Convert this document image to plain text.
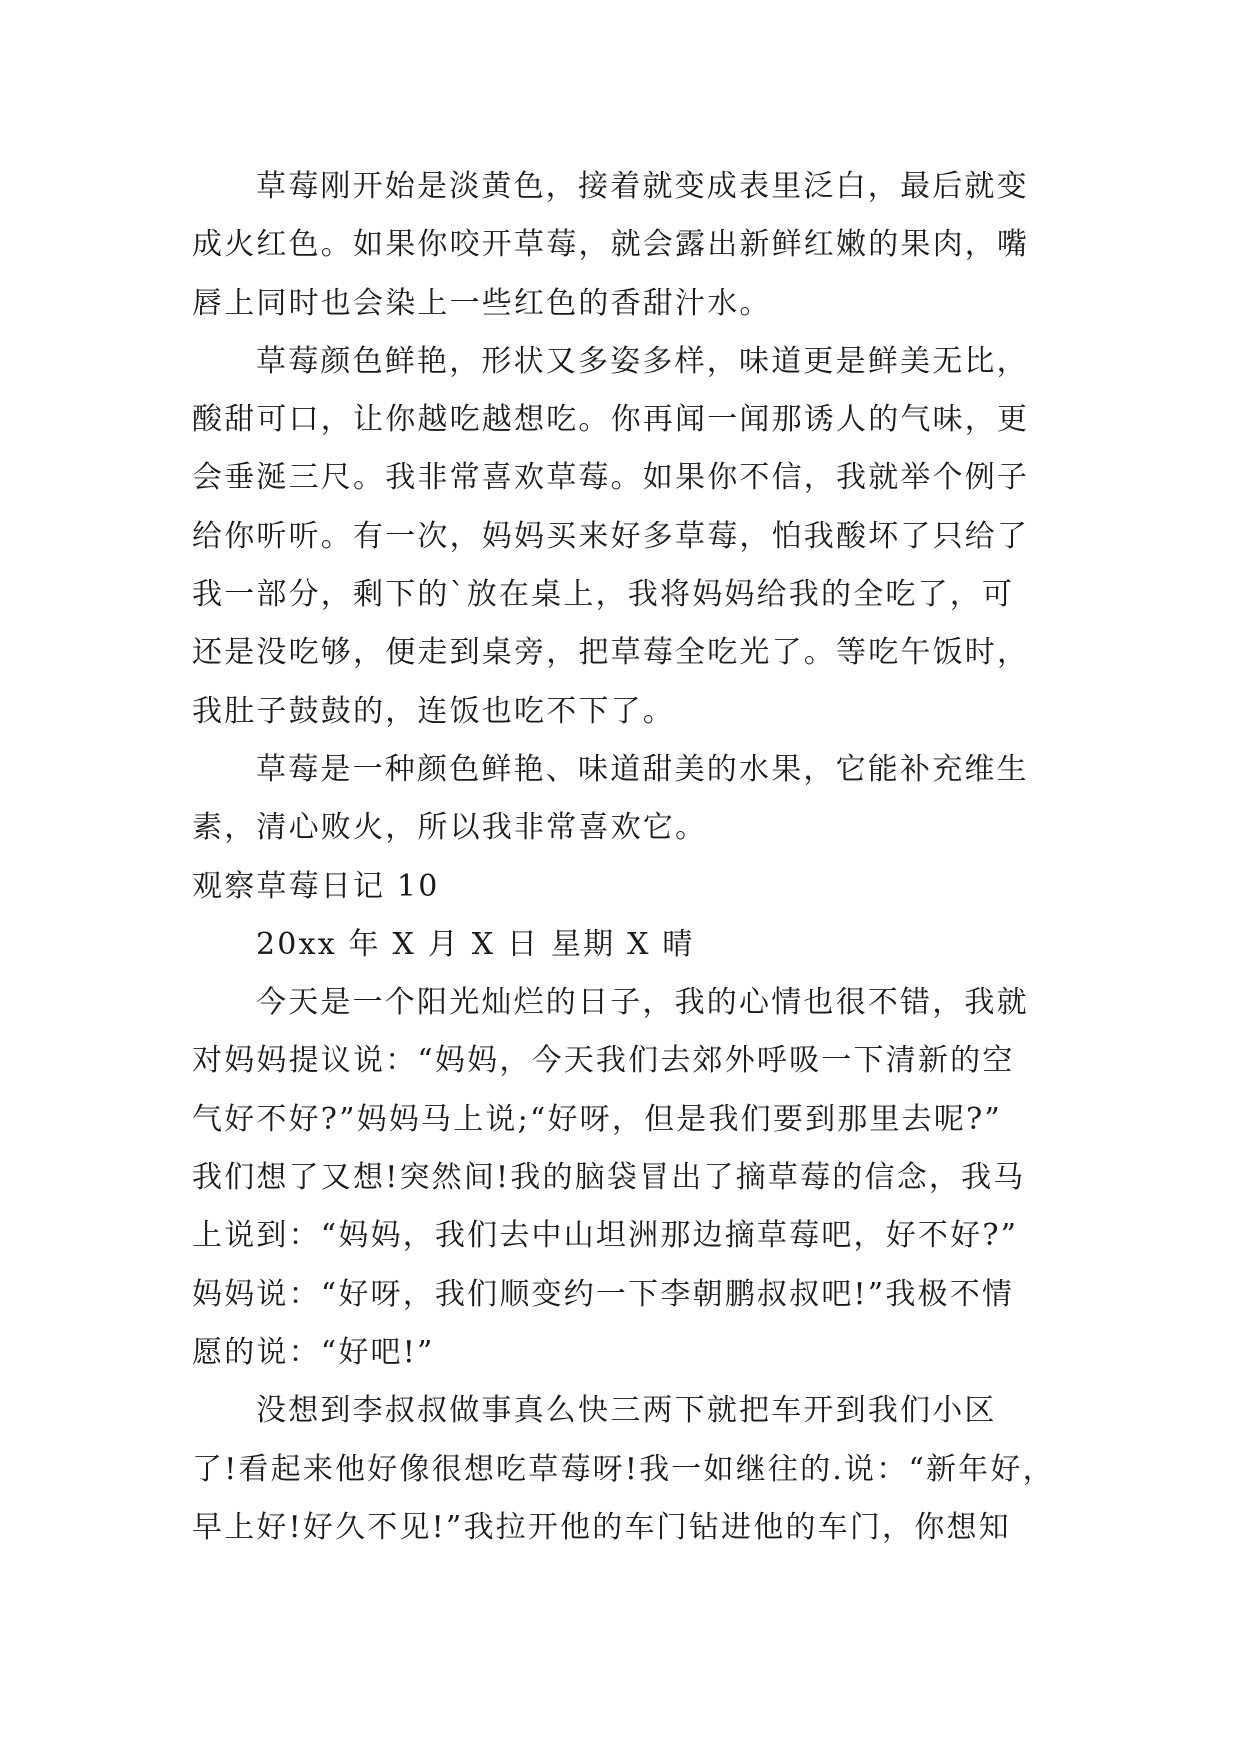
草莓刚开始是淡黄色，接着就变成表里泛白，最后就变
成火红色。如果你咬开草莓，就会露出新鲜红嫩的果肉，嘴
唇上同时也会染上一些红色的香甜汁水。
草莓颜色鲜艳，形状又多姿多样，味道更是鲜美无比，
酸甜可口，让你越吃越想吃。你再闻一闻那诱人的气味，更
会垂涎三尺。我非常喜欢草莓。如果你不信，我就举个例子
给你听听。有一次，妈妈买来好多草莓，怕我酸坏了只给了
我一部分，剩下的`放在桌上，我将妈妈给我的全吃了，可
还是没吃够，便走到桌旁，把草莓全吃光了。等吃午饭时，
我肚子鼓鼓的，连饭也吃不下了。
草莓是一种颜色鲜艳、味道甜美的水果，它能补充维生
素，清心败火，所以我非常喜欢它。
观察草莓日记 10
20xx 年 X 月 X 日 星期 X 晴
今天是一个阳光灿烂的日子，我的心情也很不错，我就
对妈妈提议说：“妈妈，今天我们去郊外呼吸一下清新的空
气好不好?”妈妈马上说;“好呀，但是我们要到那里去呢?”
我们想了又想!突然间!我的脑袋冒出了摘草莓的信念，我马
上说到：“妈妈，我们去中山坦洲那边摘草莓吧，好不好?”
妈妈说：“好呀，我们顺变约一下李朝鹏叔叔吧!”我极不情
愿的说：“好吧!”
没想到李叔叔做事真么快三两下就把车开到我们小区
了!看起来他好像很想吃草莓呀!我一如继往的.说：“新年好，
早上好!好久不见!”我拉开他的车门钻进他的车门，你想知
